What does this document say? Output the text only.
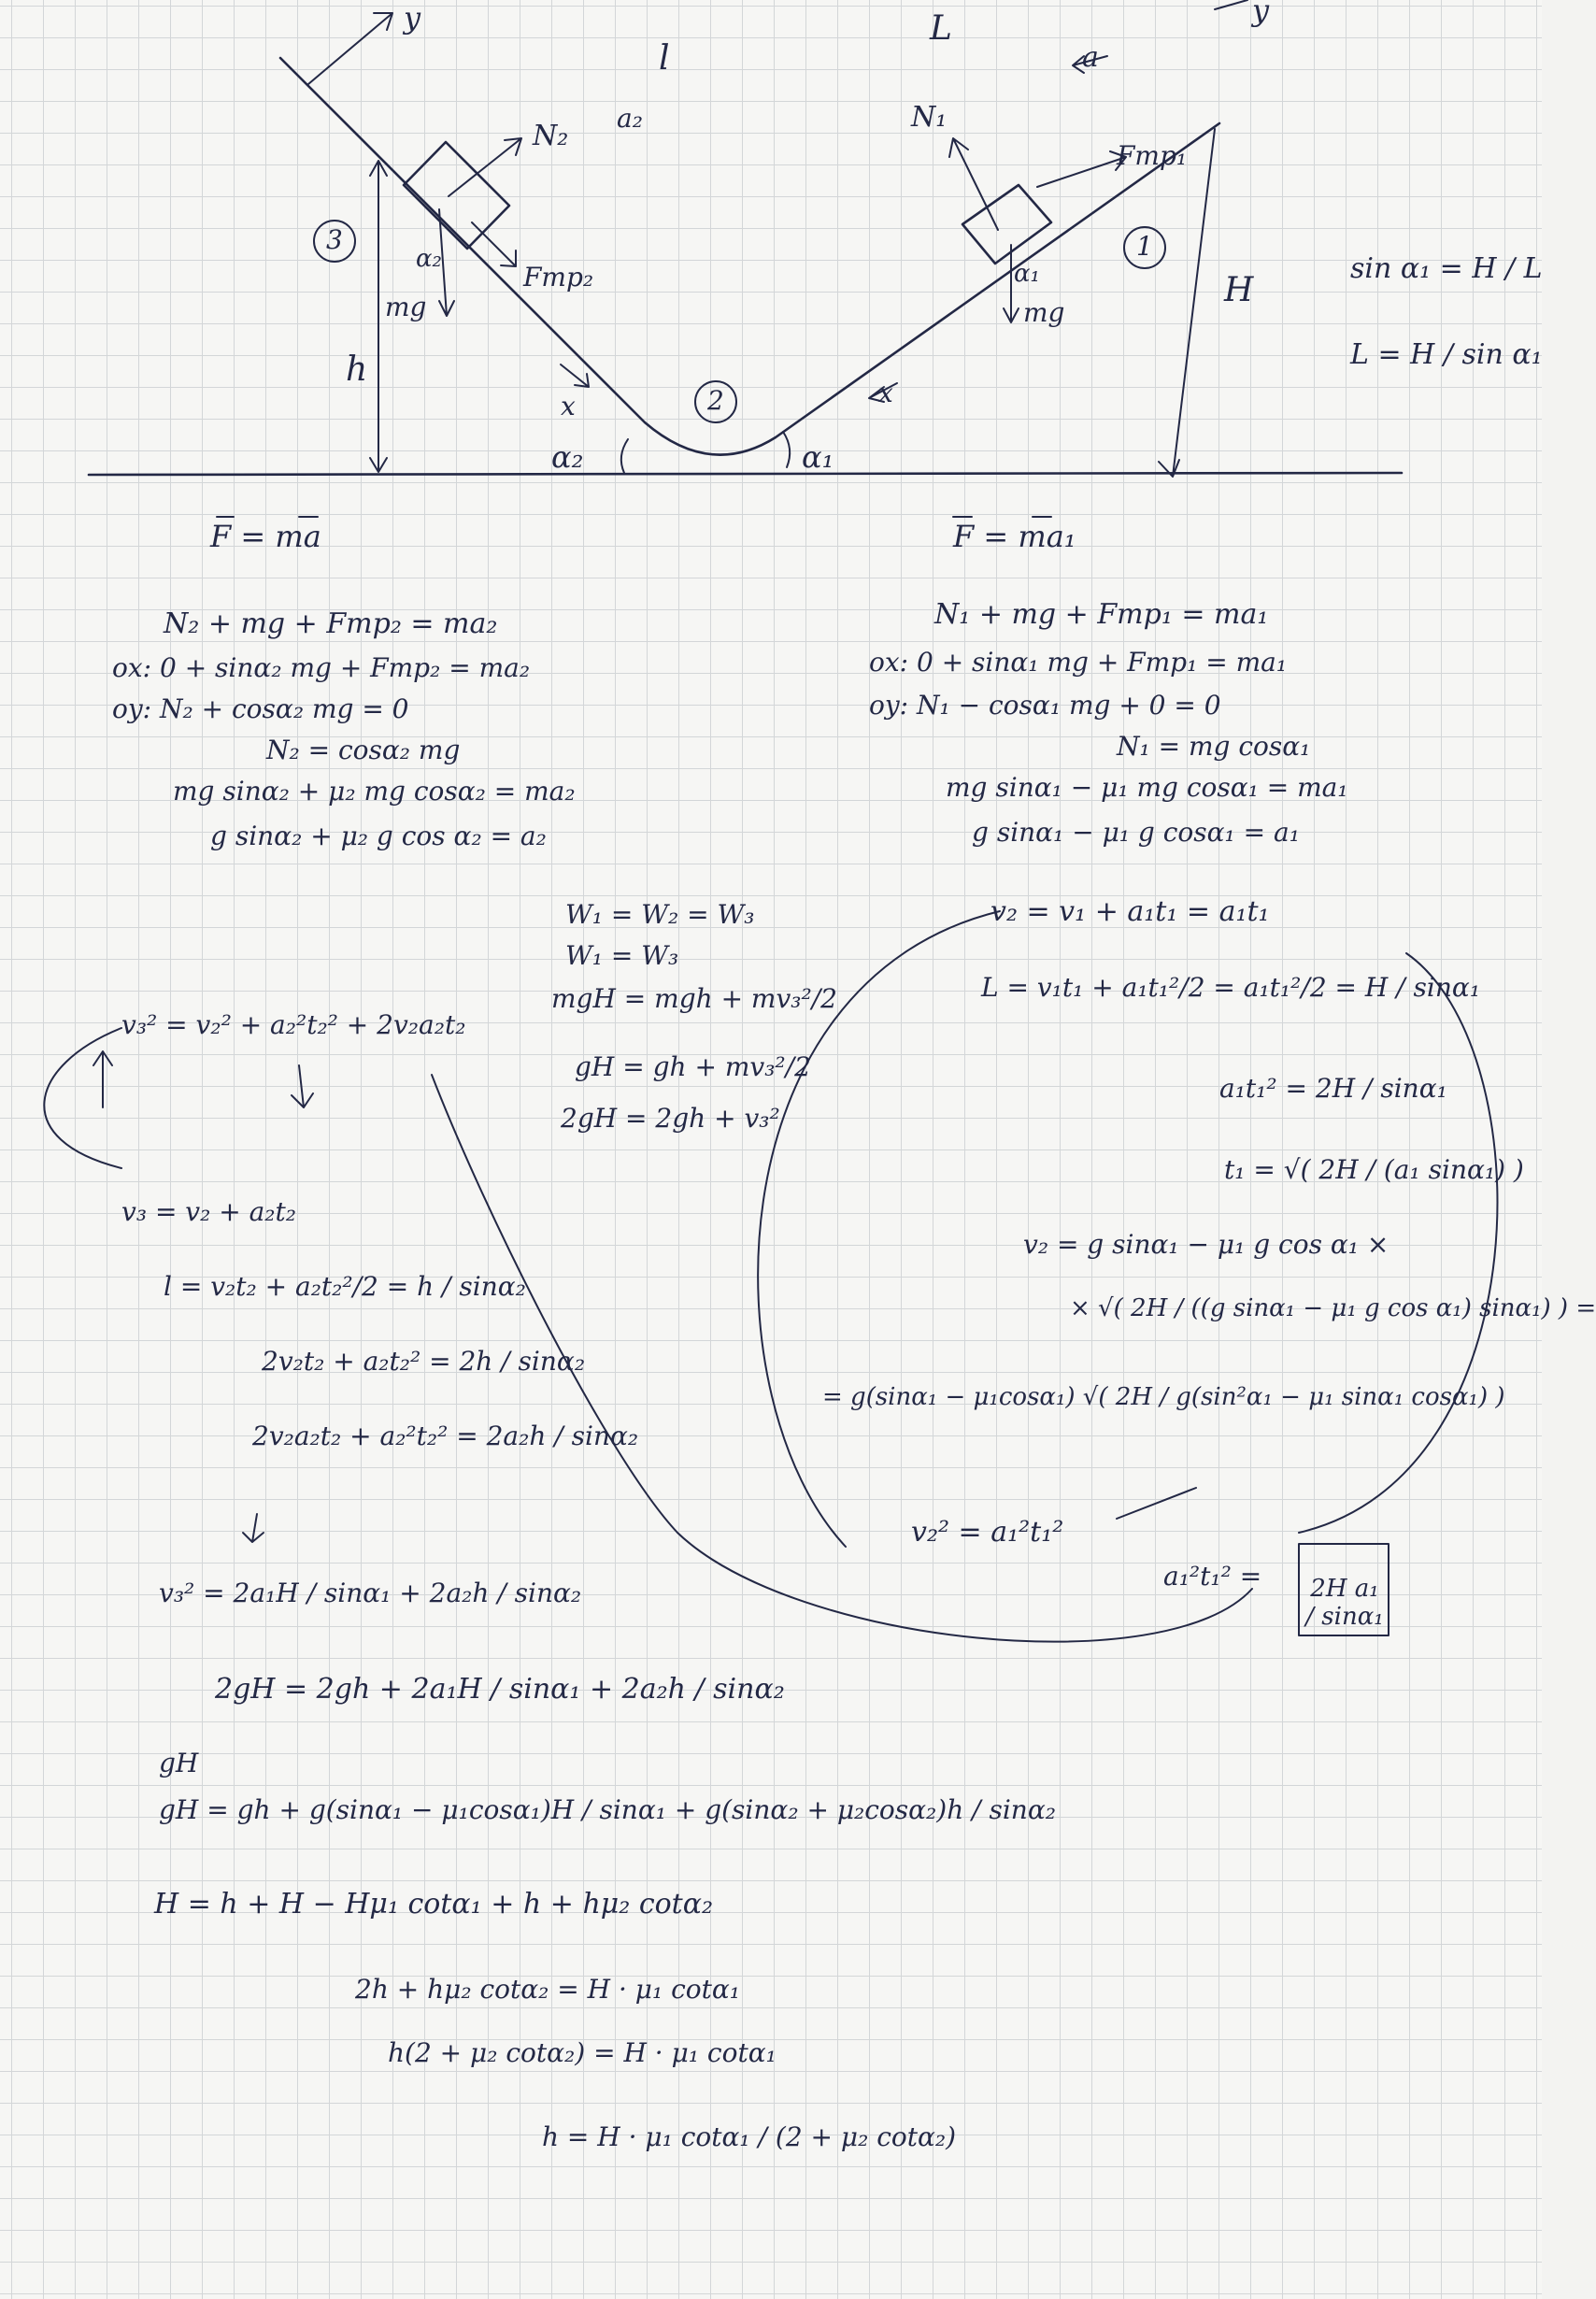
y	y
l
L
a
a₂
N₂
N₁
Fтр₂
Fтр₁
mg	mg
α₂
α₁
3
2
1
h
H
x	x
α₂	α₁
sin α₁ = H / L
L = H / sin α₁
F = ma
N₂ + mg + Fтр₂ = ma₂
ox: 0 + sinα₂ mg + Fтр₂ = ma₂
oy: N₂ + cosα₂ mg = 0
N₂ = cosα₂ mg
mg sinα₂ + μ₂ mg cosα₂ = ma₂
g sinα₂ + μ₂ g cos α₂ = a₂
F = ma₁
N₁ + mg + Fтр₁ = ma₁
ox: 0 + sinα₁ mg + Fтр₁ = ma₁
oy: N₁ − cosα₁ mg + 0 = 0
N₁ = mg cosα₁
mg sinα₁ − μ₁ mg cosα₁ = ma₁
g sinα₁ − μ₁ g cosα₁ = a₁
W₁ = W₂ = W₃
W₁ = W₃
mgH = mgh + mv₃²/2
gH = gh + mv₃²/2
2gH = 2gh + v₃²
v₃² = v₂² + a₂²t₂² + 2v₂a₂t₂
v₃ = v₂ + a₂t₂
l = v₂t₂ + a₂t₂²/2 = h / sinα₂
2v₂t₂ + a₂t₂² = 2h / sinα₂
2v₂a₂t₂ + a₂²t₂² = 2a₂h / sinα₂
v₃² = 2a₁H / sinα₁ + 2a₂h / sinα₂
v₂ = v₁ + a₁t₁ = a₁t₁
L = v₁t₁ + a₁t₁²/2 = a₁t₁²/2 = H / sinα₁
a₁t₁² = 2H / sinα₁
t₁ = √( 2H / (a₁ sinα₁) )
v₂ = g sinα₁ − μ₁ g cos α₁ ×
× √( 2H / ((g sinα₁ − μ₁ g cos α₁) sinα₁) ) =
= g(sinα₁ − μ₁cosα₁) √( 2H / g(sin²α₁ − μ₁ sinα₁ cosα₁) )
v₂² = a₁²t₁²
a₁²t₁² = 2H a₁ / sinα₁
2gH = 2gh + 2a₁H / sinα₁ + 2a₂h / sinα₂
gH
gH = gh + g(sinα₁ − μ₁cosα₁)H / sinα₁ + g(sinα₂ + μ₂cosα₂)h / sinα₂
H = h + H − Hμ₁ cotα₁ + h + hμ₂ cotα₂
2h + hμ₂ cotα₂ = H · μ₁ cotα₁
h(2 + μ₂ cotα₂) = H · μ₁ cotα₁
h = H · μ₁ cotα₁ / (2 + μ₂ cotα₂)
